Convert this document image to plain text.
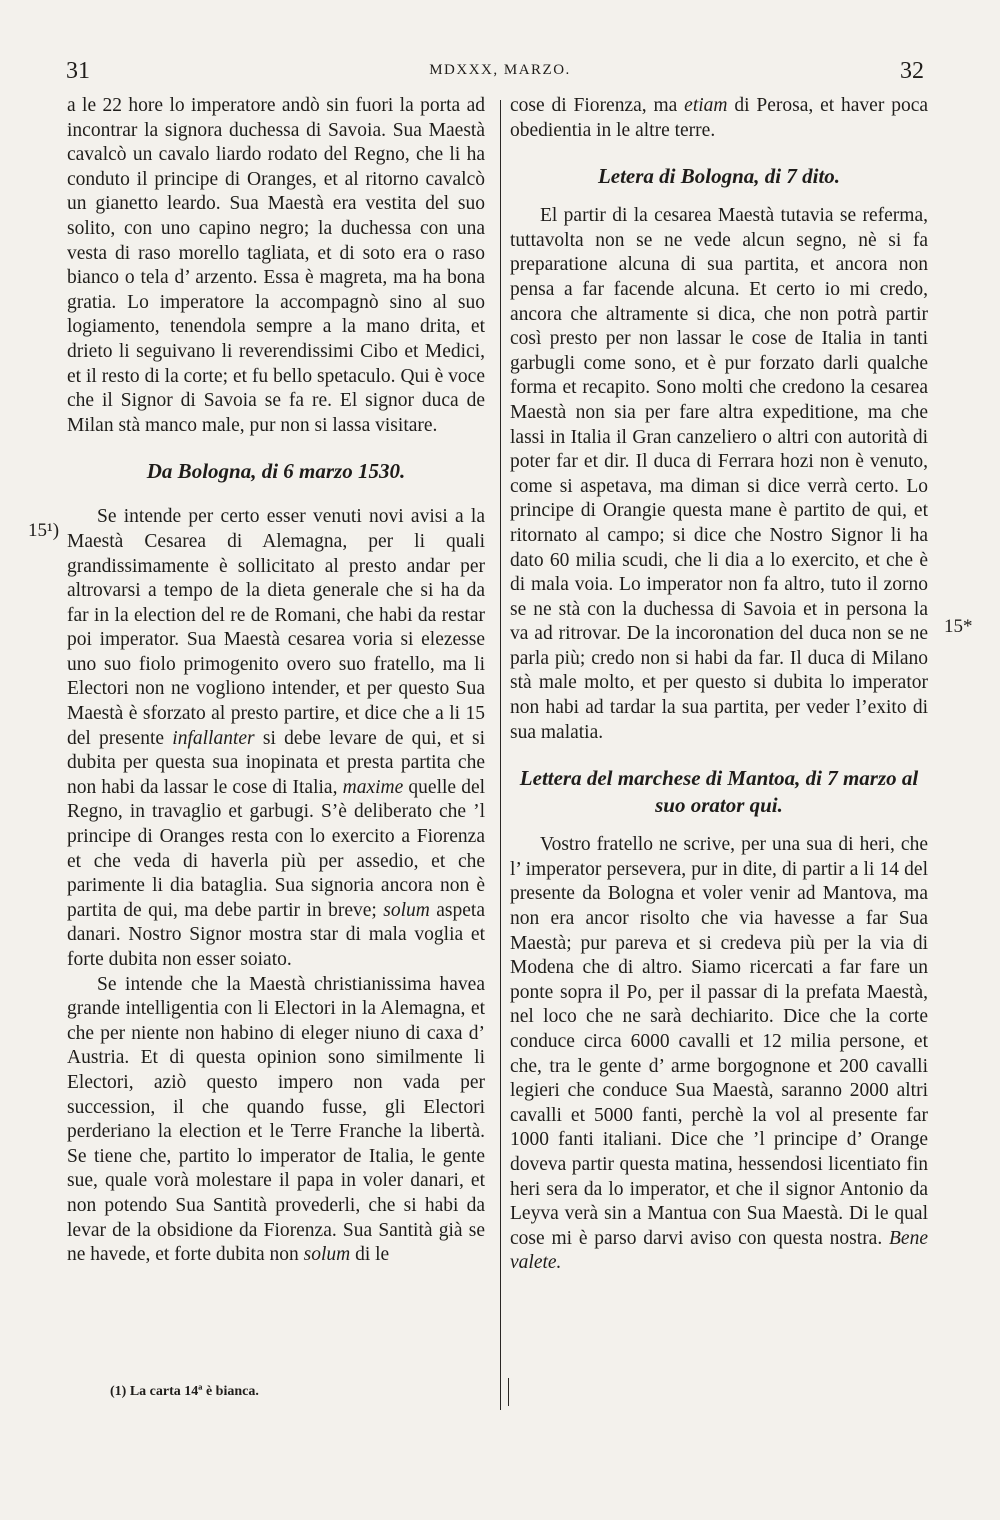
31	MDXXX, MARZO.	32

a le 22 hore lo imperatore andò sin fuori la porta ad incontrar la signora duchessa di Savoia. Sua Maestà cavalcò un cavalo liardo rodato del Regno, che li ha conduto il principe di Oranges, et al ritorno cavalcò un gianetto leardo. Sua Maestà era vestita del suo solito, con uno capino negro; la duchessa con una vesta di raso morello tagliata, et di soto era o raso bianco o tela d’ arzento. Essa è magreta, ma ha bona gratia. Lo imperatore la accompagnò sino al suo logiamento, tenendola sempre a la mano drita, et drieto li seguivano li reverendissimi Cibo et Medici, et il resto di la corte; et fu bello spetaculo. Qui è voce che il Signor di Savoia se fa re. El signor duca de Milan stà manco male, pur non si lassa visitare.

Da Bologna, di 6 marzo 1530.

Se intende per certo esser venuti novi avisi a la Maestà Cesarea di Alemagna, per li quali grandissimamente è sollicitato al presto andar per altrovarsi a tempo de la dieta generale che si ha da far in la election del re de Romani, che habi da restar poi imperator. Sua Maestà cesarea voria si elezesse uno suo fiolo primogenito overo suo fratello, ma li Electori non ne vogliono intender, et per questo Sua Maestà è sforzato al presto partire, et dice che a li 15 del presente infallanter si debe levare de qui, et si dubita per questa sua inopinata et presta partita che non habi da lassar le cose di Italia, maxime quelle del Regno, in travaglio et garbugi. S’è deliberato che ’l principe di Oranges resta con lo exercito a Fiorenza et che veda di haverla più per assedio, et che parimente li dia bataglia. Sua signoria ancora non è partita de qui, ma debe partir in breve; solum aspeta danari. Nostro Signor mostra star di mala voglia et forte dubita non esser soiato.

Se intende che la Maestà christianissima havea grande intelligentia con li Electori in la Alemagna, et che per niente non habino di eleger niuno di caxa d’ Austria. Et di questa opinion sono similmente li Electori, aziò questo impero non vada per succession, il che quando fusse, gli Electori perderiano la election et le Terre Franche la libertà. Se tiene che, partito lo imperator de Italia, le gente sue, quale vorà molestare il papa in voler danari, et non potendo Sua Santità provederli, che si habi da levar de la obsidione da Fiorenza. Sua Santità già se ne havede, et forte dubita non solum di le

cose di Fiorenza, ma etiam di Perosa, et haver poca obedientia in le altre terre.

Letera di Bologna, di 7 dito.

El partir di la cesarea Maestà tutavia se referma, tuttavolta non se ne vede alcun segno, nè si fa preparatione alcuna di sua partita, et ancora non pensa a far facende alcuna. Et certo io mi credo, ancora che altramente si dica, che non potrà partir così presto per non lassar le cose de Italia in tanti garbugli come sono, et è pur forzato darli qualche forma et recapito. Sono molti che credono la cesarea Maestà non sia per fare altra expeditione, ma che lassi in Italia il Gran canzeliero o altri con autorità di poter far et dir. Il duca di Ferrara hozi non è venuto, come si aspetava, ma diman si dice verrà certo. Lo principe di Orangie questa mane è partito de qui, et ritornato al campo; si dice che Nostro Signor li ha dato 60 milia scudi, che li dia a lo exercito, et che è di mala voia. Lo imperator non fa altro, tuto il zorno se ne stà con la duchessa di Savoia et in persona la va ad ritrovar. De la incoronation del duca non se ne parla più; credo non si habi da far. Il duca di Milano stà male molto, et per questo si dubita lo imperator non habi ad tardar la sua partita, per veder l’exito di sua malatia.

Lettera del marchese di Mantoa, di 7 marzo al suo orator qui.

Vostro fratello ne scrive, per una sua di heri, che l’ imperator persevera, pur in dite, di partir a li 14 del presente da Bologna et voler venir ad Mantova, ma non era ancor risolto che via havesse a far Sua Maestà; pur pareva et si credeva più per la via di Modena che di altro. Siamo ricercati a far fare un ponte sopra il Po, per il passar di la prefata Maestà, nel loco che ne sarà dechiarito. Dice che la corte conduce circa 6000 cavalli et 12 milia persone, et che, tra le gente d’ arme borgognone et 200 cavalli legieri che conduce Sua Maestà, saranno 2000 altri cavalli et 5000 fanti, perchè la vol al presente far 1000 fanti italiani. Dice che ’l principe d’ Orange doveva partir questa matina, hessendosi licentiato fin heri sera da lo imperator, et che il signor Antonio da Leyva verà sin a Mantua con Sua Maestà. Di le qual cose mi è parso darvi aviso con questa nostra. Bene valete.

15¹)
15*
(1) La carta 14ª è bianca.
